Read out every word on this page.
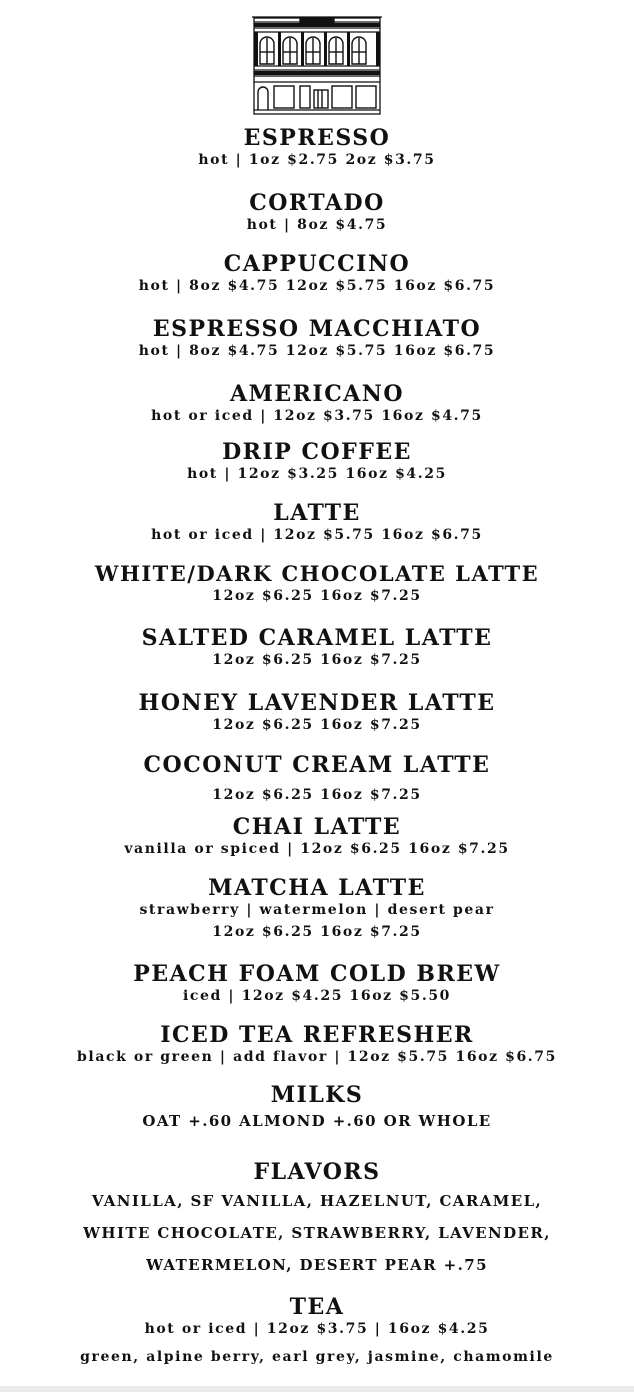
ESPRESSO
hot | 1oz $2.75 2oz $3.75
CORTADO
hot | 8oz $4.75
CAPPUCCINO
hot | 8oz $4.75 12oz $5.75 16oz $6.75
ESPRESSO MACCHIATO
hot | 8oz $4.75 12oz $5.75 16oz $6.75
AMERICANO
hot or iced | 12oz $3.75 16oz $4.75
DRIP COFFEE
hot | 12oz $3.25 16oz $4.25
LATTE
hot or iced | 12oz $5.75 16oz $6.75
WHITE/DARK CHOCOLATE LATTE
12oz $6.25 16oz $7.25
SALTED CARAMEL LATTE
12oz $6.25 16oz $7.25
HONEY LAVENDER LATTE
12oz $6.25 16oz $7.25
COCONUT CREAM LATTE
12oz $6.25 16oz $7.25
CHAI LATTE
vanilla or spiced | 12oz $6.25 16oz $7.25
MATCHA LATTE
strawberry | watermelon | desert pear
12oz $6.25 16oz $7.25
PEACH FOAM COLD BREW
iced | 12oz $4.25 16oz $5.50
ICED TEA REFRESHER
black or green | add flavor | 12oz $5.75 16oz $6.75
MILKS
OAT +.60 ALMOND +.60 OR WHOLE
FLAVORS
VANILLA, SF VANILLA, HAZELNUT, CARAMEL,
WHITE CHOCOLATE, STRAWBERRY, LAVENDER,
WATERMELON, DESERT PEAR +.75
TEA
hot or iced | 12oz $3.75 | 16oz $4.25
green, alpine berry, earl grey, jasmine, chamomile
